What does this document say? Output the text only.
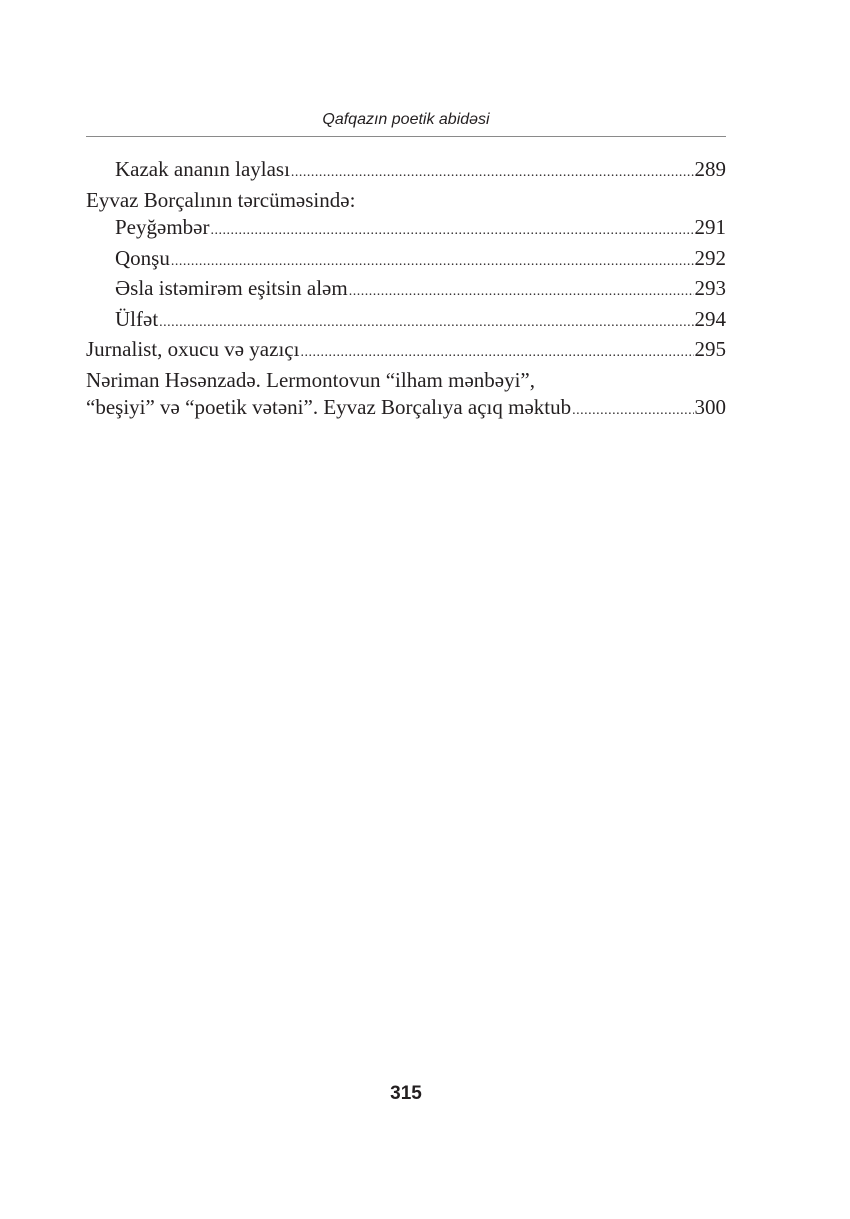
Qafqazın poetik abidəsi
Kazak ananın laylası .....	289
Eyvaz Borçalının tərcüməsində:
Peyğəmbər .....	291
Qonşu .....	292
Əsla istəmirəm eşitsin aləm .....	293
Ülfət .....	294
Jurnalist, oxucu və yazıçı .....	295
Nəriman Həsənzadə. Lermontovun “ilham mənbəyi”,
“beşiyi” və “poetik vətəni”. Eyvaz Borçalıya açıq məktub .....	300
315
